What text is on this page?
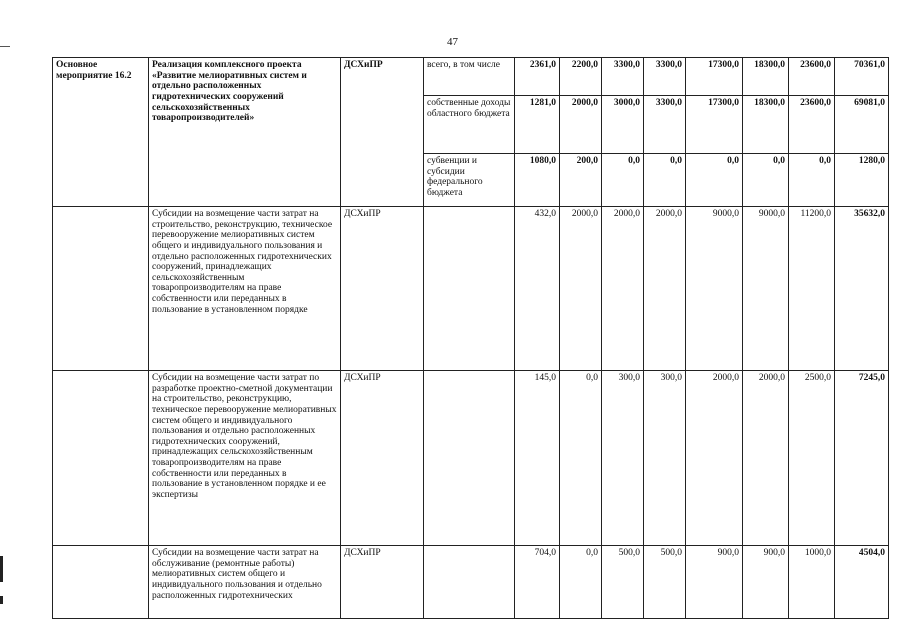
47
Основное мероприятие 16.2	Реализация комплексного проекта «Развитие мелиоративных систем и отдельно расположенных гидротехнических сооружений сельскохозяйственных товаропроизводителей»	ДСХиПР	всего, в том числе	2361,0	2200,0	3300,0	3300,0	17300,0	18300,0	23600,0	70361,0
			собственные доходы областного бюджета	1281,0	2000,0	3000,0	3300,0	17300,0	18300,0	23600,0	69081,0
			субвенции и субсидии федерального бюджета	1080,0	200,0	0,0	0,0	0,0	0,0	0,0	1280,0
	Субсидии на возмещение части затрат на строительство, реконструкцию, техническое перевооружение мелиоративных систем общего и индивидуального пользования и отдельно расположенных гидротехнических сооружений, принадлежащих сельскохозяйственным товаропроизводителям на праве собственности или переданных в пользование в установленном порядке	ДСХиПР		432,0	2000,0	2000,0	2000,0	9000,0	9000,0	11200,0	35632,0
	Субсидии на возмещение части затрат по разработке проектно-сметной документации на строительство, реконструкцию, техническое перевооружение мелиоративных систем общего и индивидуального пользования и отдельно расположенных гидротехнических сооружений, принадлежащих сельскохозяйственным товаропроизводителям на праве собственности или переданных в пользование в установленном порядке и ее экспертизы	ДСХиПР		145,0	0,0	300,0	300,0	2000,0	2000,0	2500,0	7245,0
	Субсидии на возмещение части затрат на обслуживание (ремонтные работы) мелиоративных систем общего и индивидуального пользования и отдельно расположенных гидротехнических	ДСХиПР		704,0	0,0	500,0	500,0	900,0	900,0	1000,0	4504,0
